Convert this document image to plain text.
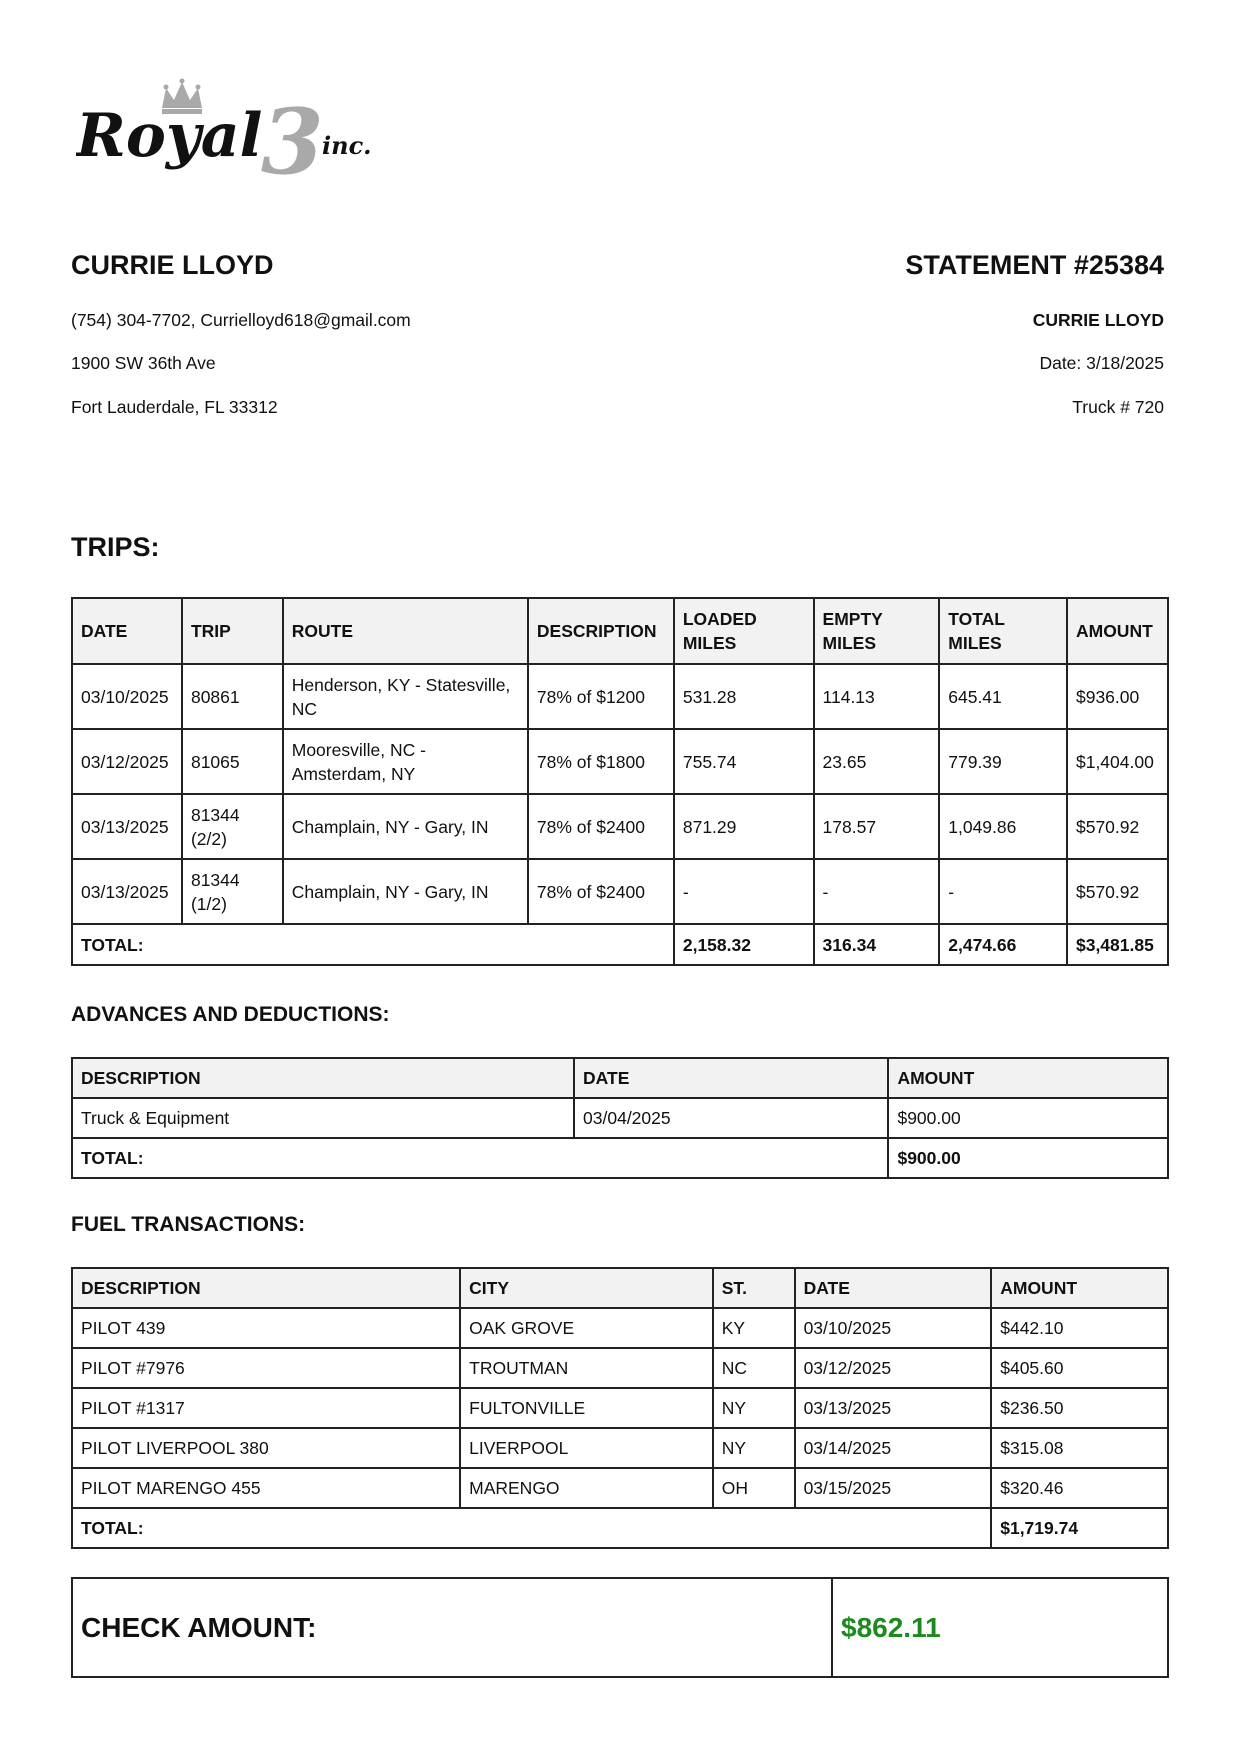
3
Royal inc.

CURRIE LLOYD

(754) 304-7702, Currielloyd618@gmail.com

1900 SW 36th Ave

Fort Lauderdale, FL 33312

STATEMENT #25384

CURRIE LLOYD

Date: 3/18/2025

Truck # 720

TRIPS:

DATE	TRIP	ROUTE	DESCRIPTION	LOADED MILES	EMPTY MILES	TOTAL MILES	AMOUNT
03/10/2025	80861	Henderson, KY - Statesville, NC	78% of $1200	531.28	114.13	645.41	$936.00
03/12/2025	81065	Mooresville, NC - Amsterdam, NY	78% of $1800	755.74	23.65	779.39	$1,404.00
03/13/2025	81344 (2/2)	Champlain, NY - Gary, IN	78% of $2400	871.29	178.57	1,049.86	$570.92
03/13/2025	81344 (1/2)	Champlain, NY - Gary, IN	78% of $2400	-	-	-	$570.92
TOTAL:				2,158.32	316.34	2,474.66	$3,481.85

ADVANCES AND DEDUCTIONS:

DESCRIPTION	DATE	AMOUNT
Truck & Equipment	03/04/2025	$900.00
TOTAL:		$900.00

FUEL TRANSACTIONS:

DESCRIPTION	CITY	ST.	DATE	AMOUNT
PILOT 439	OAK GROVE	KY	03/10/2025	$442.10
PILOT #7976	TROUTMAN	NC	03/12/2025	$405.60
PILOT #1317	FULTONVILLE	NY	03/13/2025	$236.50
PILOT LIVERPOOL 380	LIVERPOOL	NY	03/14/2025	$315.08
PILOT MARENGO 455	MARENGO	OH	03/15/2025	$320.46
TOTAL:				$1,719.74
CHECK AMOUNT:	$862.11
